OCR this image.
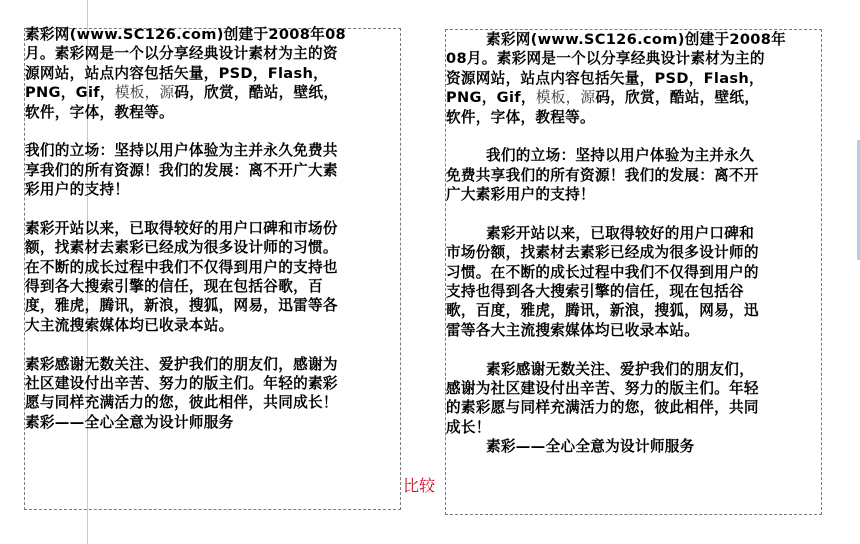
素彩网(www.SC126.com)创建于2008年08
月。素彩网是一个以分享经典设计素材为主的资
源网站，站点内容包括矢量，PSD，Flash，
PNG，Gif，模板，源码，欣赏，酷站，壁纸，
软件，字体，教程等。
我们的立场：坚持以用户体验为主并永久免费共
享我们的所有资源！我们的发展：离不开广大素
彩用户的支持！
素彩开站以来，已取得较好的用户口碑和市场份
额，找素材去素彩已经成为很多设计师的习惯。
在不断的成长过程中我们不仅得到用户的支持也
得到各大搜索引擎的信任，现在包括谷歌，百
度，雅虎，腾讯，新浪，搜狐，网易，迅雷等各
大主流搜索媒体均已收录本站。
素彩感谢无数关注、爱护我们的朋友们，感谢为
社区建设付出辛苦、努力的版主们。年轻的素彩
愿与同样充满活力的您，彼此相伴，共同成长！
素彩——全心全意为设计师服务
素彩网(www.SC126.com)创建于2008年
08月。素彩网是一个以分享经典设计素材为主的
资源网站，站点内容包括矢量，PSD，Flash，
PNG，Gif，模板，源码，欣赏，酷站，壁纸，
软件，字体，教程等。
我们的立场：坚持以用户体验为主并永久
免费共享我们的所有资源！我们的发展：离不开
广大素彩用户的支持！
素彩开站以来，已取得较好的用户口碑和
市场份额，找素材去素彩已经成为很多设计师的
习惯。在不断的成长过程中我们不仅得到用户的
支持也得到各大搜索引擎的信任，现在包括谷
歌，百度，雅虎，腾讯，新浪，搜狐，网易，迅
雷等各大主流搜索媒体均已收录本站。
素彩感谢无数关注、爱护我们的朋友们，
感谢为社区建设付出辛苦、努力的版主们。年轻
的素彩愿与同样充满活力的您，彼此相伴，共同
成长！
素彩——全心全意为设计师服务
比较
